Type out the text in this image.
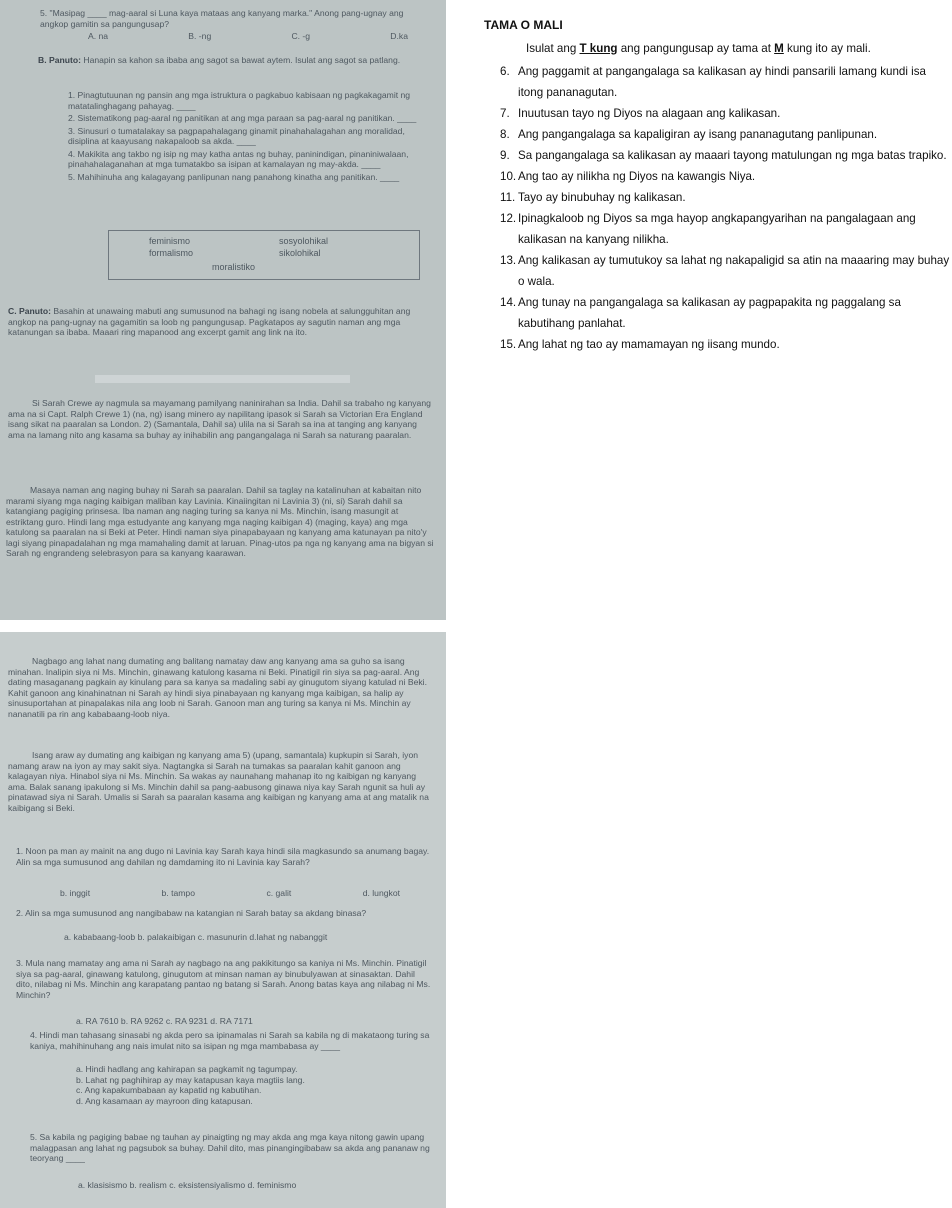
5. "Masipag ____ mag-aaral si Luna kaya mataas ang kanyang marka." Anong pang-ugnay ang angkop gamitin sa pangungusap?

A. na	B. -ng	C. -g	D.ka

B. Panuto: Hanapin sa kahon sa ibaba ang sagot sa bawat aytem. Isulat ang sagot sa patlang.

1. Pinagtutuunan ng pansin ang mga istruktura o pagkabuo kabisaan ng pagkakagamit ng matatalinghagang pahayag. ____

2. Sistematikong pag-aaral ng panitikan at ang mga paraan sa pag-aaral ng panitikan. ____

3. Sinusuri o tumatalakay sa pagpapahalagang ginamit pinahahalagahan ang moralidad, disiplina at kaayusang nakapaloob sa akda. ____

4. Makikita ang takbo ng isip ng may katha antas ng buhay, paninindigan, pinaniniwalaan, pinahahalaganahan at mga tumatakbo sa isipan at kamalayan ng may-akda. ____

5. Mahihinuha ang kalagayang panlipunan nang panahong kinatha ang panitikan. ____

feminismo	sosyolohikal
formalismo	sikolohikal
moralistiko

C. Panuto: Basahin at unawaing mabuti ang sumusunod na bahagi ng isang nobela at salungguhitan ang angkop na pang-ugnay na gagamitin sa loob ng pangungusap. Pagkatapos ay sagutin naman ang mga katanungan sa ibaba. Maaari ring mapanood ang excerpt gamit ang link na ito.

Si Sarah Crewe ay nagmula sa mayamang pamilyang naninirahan sa India. Dahil sa trabaho ng kanyang ama na si Capt. Ralph Crewe 1) (na, ng) isang minero ay napilitang ipasok si Sarah sa Victorian Era England isang sikat na paaralan sa London. 2) (Samantala, Dahil sa) ulila na si Sarah sa ina at tanging ang kanyang ama na lamang nito ang kasama sa buhay ay inihabilin ang pangangalaga ni Sarah sa naturang paaralan.

Masaya naman ang naging buhay ni Sarah sa paaralan. Dahil sa taglay na katalinuhan at kabaitan nito marami siyang mga naging kaibigan maliban kay Lavinia. Kinaiingitan ni Lavinia 3) (ni, si) Sarah dahil sa katangiang pagiging prinsesa. Iba naman ang naging turing sa kanya ni Ms. Minchin, isang masungit at estriktang guro. Hindi lang mga estudyante ang kanyang mga naging kaibigan 4) (maging, kaya) ang mga katulong sa paaralan na si Beki at Peter. Hindi naman siya pinapabayaan ng kanyang ama katunayan pa nito'y lagi siyang pinapadalahan ng mga mamahaling damit at laruan. Pinag-utos pa nga ng kanyang ama na bigyan si Sarah ng engrandeng selebrasyon para sa kanyang kaarawan.

Nagbago ang lahat nang dumating ang balitang namatay daw ang kanyang ama sa guho sa isang minahan. Inalipin siya ni Ms. Minchin, ginawang katulong kasama ni Beki. Pinatigil rin siya sa pag-aaral. Ang dating masaganang pagkain ay kinulang para sa kanya sa madaling sabi ay ginugutom siyang katulad ni Beki. Kahit ganoon ang kinahinatnan ni Sarah ay hindi siya pinabayaan ng kanyang mga kaibigan, sa halip ay sinusuportahan at pinapalakas nila ang loob ni Sarah. Ganoon man ang turing sa kanya ni Ms. Minchin ay nananatili pa rin ang kababaang-loob niya.

Isang araw ay dumating ang kaibigan ng kanyang ama 5) (upang, samantala) kupkupin si Sarah, iyon namang araw na iyon ay may sakit siya. Nagtangka si Sarah na tumakas sa paaralan kahit ganoon ang kalagayan niya. Hinabol siya ni Ms. Minchin. Sa wakas ay naunahang mahanap ito ng kaibigan ng kanyang ama. Balak sanang ipakulong si Ms. Minchin dahil sa pang-aabusong ginawa niya kay Sarah ngunit sa huli ay pinatawad siya ni Sarah. Umalis si Sarah sa paaralan kasama ang kaibigan ng kanyang ama at ang matalik na kaibigang si Beki.

1. Noon pa man ay mainit na ang dugo ni Lavinia kay Sarah kaya hindi sila magkasundo sa anumang bagay. Alin sa mga sumusunod ang dahilan ng damdaming ito ni Lavinia kay Sarah?

b. inggit	b. tampo	c. galit	d. lungkot

2. Alin sa mga sumusunod ang nangibabaw na katangian ni Sarah batay sa akdang binasa?

a. kababaang-loob b. palakaibigan c. masunurin d.lahat ng nabanggit

3. Mula nang mamatay ang ama ni Sarah ay nagbago na ang pakikitungo sa kaniya ni Ms. Minchin. Pinatigil siya sa pag-aaral, ginawang katulong, ginugutom at minsan naman ay binubulyawan at sinasaktan. Dahil dito, nilabag ni Ms. Minchin ang karapatang pantao ng batang si Sarah. Anong batas kaya ang nilabag ni Ms. Minchin?

a. RA 7610 b. RA 9262 c. RA 9231 d. RA 7171

4. Hindi man tahasang sinasabi ng akda pero sa ipinamalas ni Sarah sa kabila ng di makataong turing sa kaniya, mahihinuhang ang nais imulat nito sa isipan ng mga mambabasa ay ____

a. Hindi hadlang ang kahirapan sa pagkamit ng tagumpay.

b. Lahat ng paghihirap ay may katapusan kaya magtiis lang.

c. Ang kapakumbabaan ay kapatid ng kabutihan.

d. Ang kasamaan ay mayroon ding katapusan.

5. Sa kabila ng pagiging babae ng tauhan ay pinaigting ng may akda ang mga kaya nitong gawin upang malagpasan ang lahat ng pagsubok sa buhay. Dahil dito, mas pinangingibabaw sa akda ang pananaw ng teoryang ____

a. klasisismo b. realism c. eksistensiyalismo d. feminismo

TAMA O MALI

Isulat ang T kung ang pangungusap ay tama at M kung ito ay mali.

6. Ang paggamit at pangangalaga sa kalikasan ay hindi pansarili lamang kundi isa itong pananagutan.
7. Inuutusan tayo ng Diyos na alagaan ang kalikasan.
8. Ang pangangalaga sa kapaligiran ay isang pananagutang panlipunan.
9. Sa pangangalaga sa kalikasan ay maaari tayong matulungan ng mga batas trapiko.
10. Ang tao ay nilikha ng Diyos na kawangis Niya.
11. Tayo ay binubuhay ng kalikasan.
12. Ipinagkaloob ng Diyos sa mga hayop angkapangyarihan na pangalagaan ang kalikasan na kanyang nilikha.
13. Ang kalikasan ay tumutukoy sa lahat ng nakapaligid sa atin na maaaring may buhay o wala.
14. Ang tunay na pangangalaga sa kalikasan ay pagpapakita ng paggalang sa kabutihang panlahat.
15. Ang lahat ng tao ay mamamayan ng iisang mundo.
